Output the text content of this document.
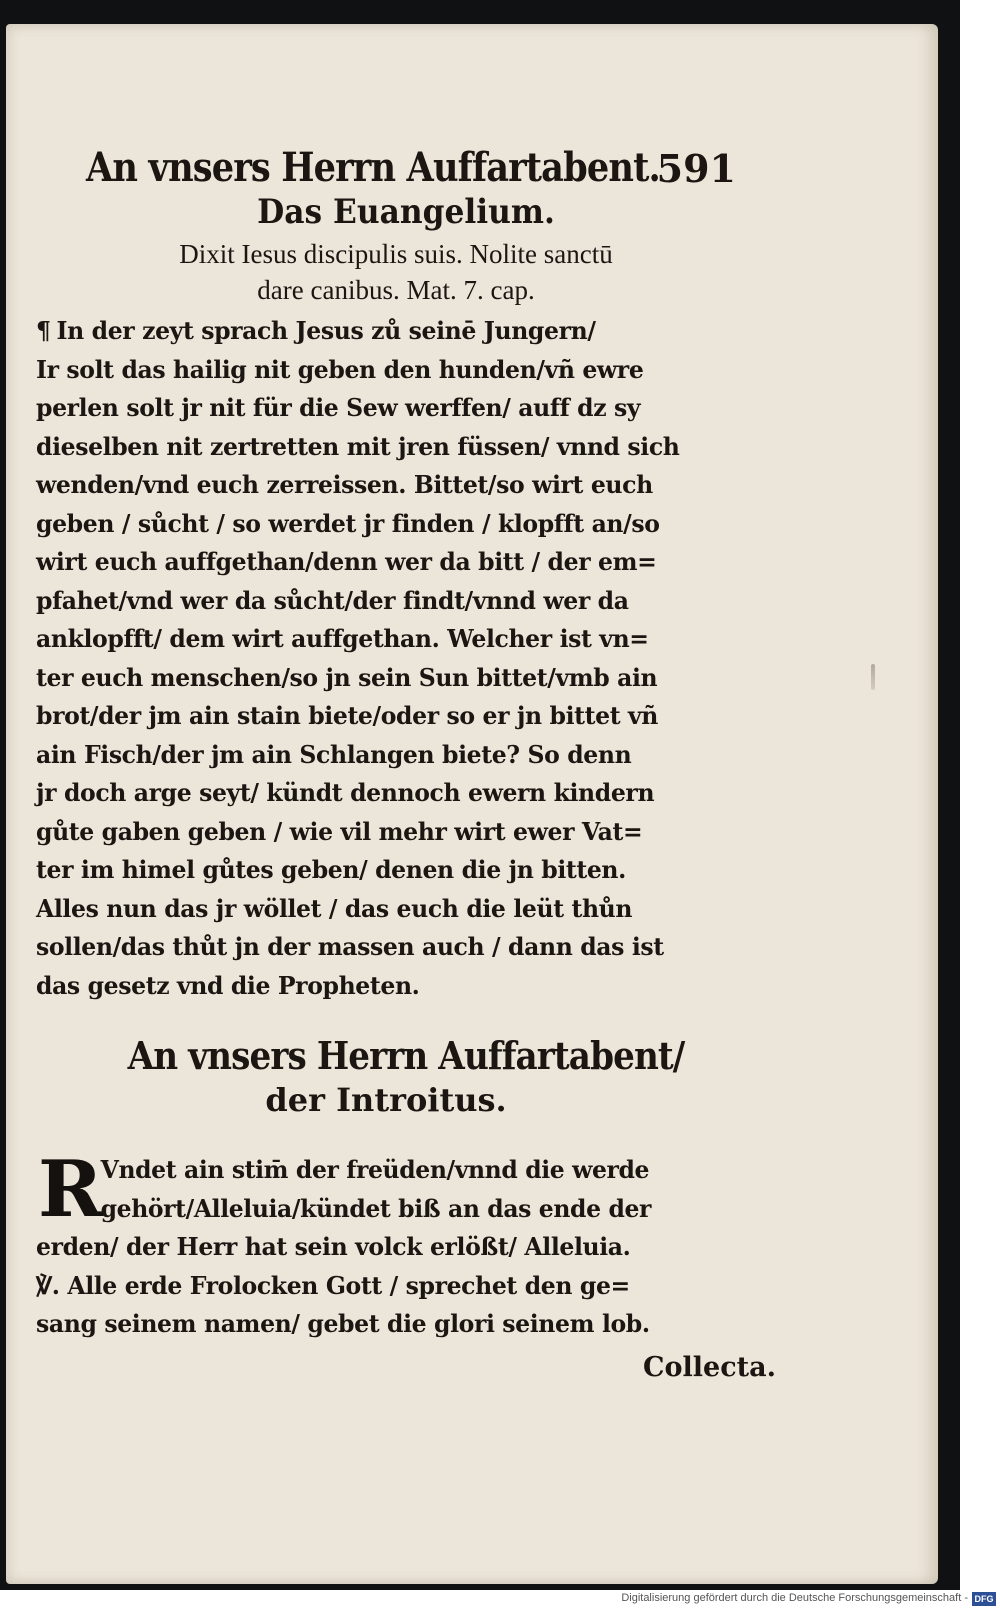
An vnsers Herrn Auffartabent.
591
Das Euangelium.
Dixit Iesus discipulis suis. Nolite sanctū
dare canibus. Mat. 7. cap.
¶ In der zeyt sprach Jesus zů seinē Jungern/
Ir solt das hailig nit geben den hunden/vñ ewre
perlen solt jr nit für die Sew werffen/ auff dz sy
dieselben nit zertretten mit jren füssen/ vnnd sich
wenden/vnd euch zerreissen. Bittet/so wirt euch
geben / sůcht / so werdet jr finden / klopfft an/so
wirt euch auffgethan/denn wer da bitt / der em=
pfahet/vnd wer da sůcht/der findt/vnnd wer da
anklopfft/ dem wirt auffgethan. Welcher ist vn=
ter euch menschen/so jn sein Sun bittet/vmb ain
brot/der jm ain stain biete/oder so er jn bittet vñ
ain Fisch/der jm ain Schlangen biete? So denn
jr doch arge seyt/ kündt dennoch ewern kindern
gůte gaben geben / wie vil mehr wirt ewer Vat=
ter im himel gůtes geben/ denen die jn bitten.
Alles nun das jr wöllet / das euch die leüt thůn
sollen/das thůt jn der massen auch / dann das ist
das gesetz vnd die Propheten.
An vnsers Herrn Auffartabent/
der Introitus.
R
Vndet ain stim̄ der freüden/vnnd die werde
gehört/Alleluia/kündet biß an das ende der
erden/ der Herr hat sein volck erlößt/ Alleluia.
℣. Alle erde Frolocken Gott / sprechet den ge=
sang seinem namen/ gebet die glori seinem lob.
Collecta.
Digitalisierung gefördert durch die Deutsche Forschungsgemeinschaft - DFG
